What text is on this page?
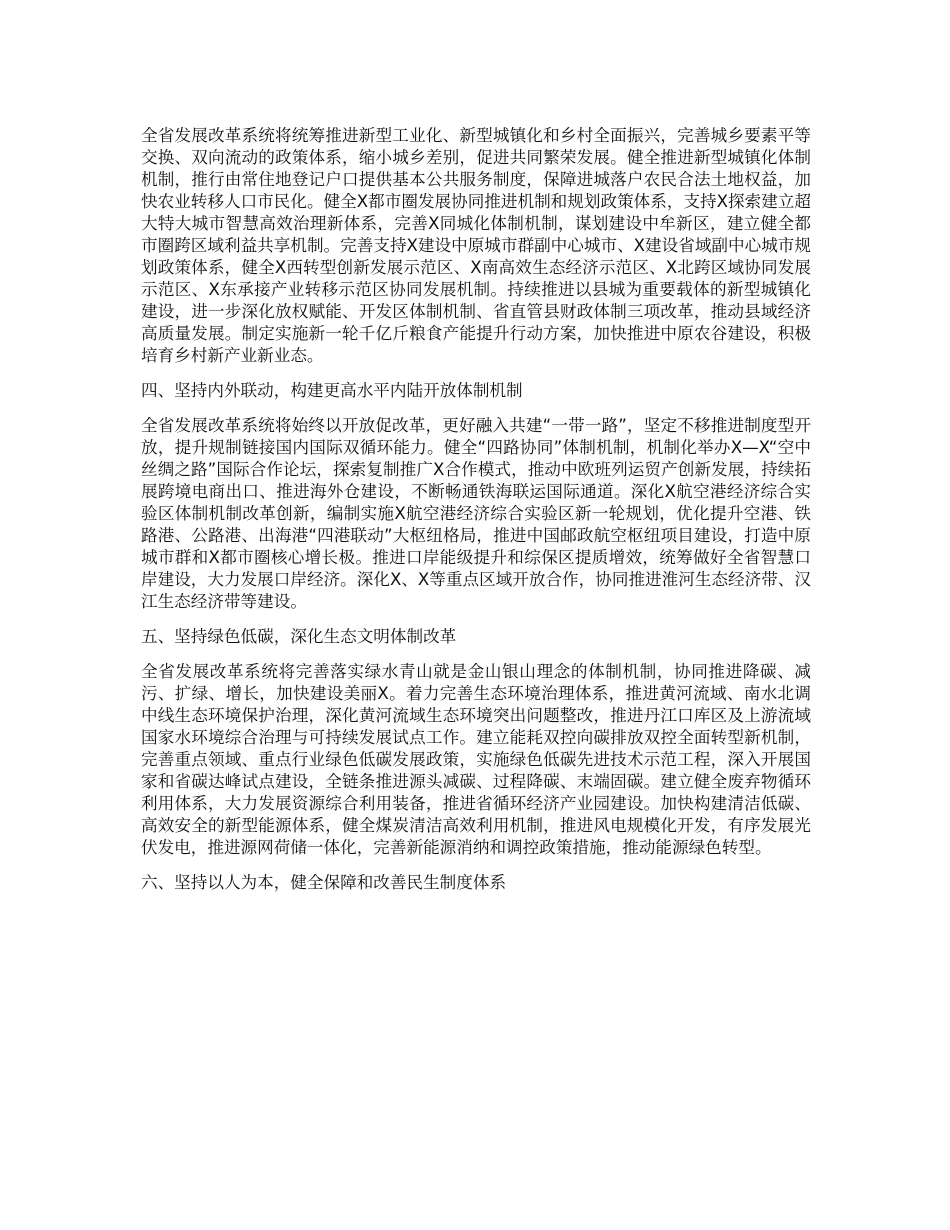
全省发展改革系统将统筹推进新型工业化、新型城镇化和乡村全面振兴，完善城乡要素平等交换、双向流动的政策体系，缩小城乡差别，促进共同繁荣发展。健全推进新型城镇化体制机制，推行由常住地登记户口提供基本公共服务制度，保障进城落户农民合法土地权益，加快农业转移人口市民化。健全X都市圈发展协同推进机制和规划政策体系，支持X探索建立超大特大城市智慧高效治理新体系，完善X同城化体制机制，谋划建设中牟新区，建立健全都市圈跨区域利益共享机制。完善支持X建设中原城市群副中心城市、X建设省域副中心城市规划政策体系，健全X西转型创新发展示范区、X南高效生态经济示范区、X北跨区域协同发展示范区、X东承接产业转移示范区协同发展机制。持续推进以县城为重要载体的新型城镇化建设，进一步深化放权赋能、开发区体制机制、省直管县财政体制三项改革，推动县域经济高质量发展。制定实施新一轮千亿斤粮食产能提升行动方案，加快推进中原农谷建设，积极培育乡村新产业新业态。

四、坚持内外联动，构建更高水平内陆开放体制机制

全省发展改革系统将始终以开放促改革，更好融入共建“一带一路”，坚定不移推进制度型开放，提升规制链接国内国际双循环能力。健全“四路协同”体制机制，机制化举办X—X“空中丝绸之路”国际合作论坛，探索复制推广X合作模式，推动中欧班列运贸产创新发展，持续拓展跨境电商出口、推进海外仓建设，不断畅通铁海联运国际通道。深化X航空港经济综合实验区体制机制改革创新，编制实施X航空港经济综合实验区新一轮规划，优化提升空港、铁路港、公路港、出海港“四港联动”大枢纽格局，推进中国邮政航空枢纽项目建设，打造中原城市群和X都市圈核心增长极。推进口岸能级提升和综保区提质增效，统筹做好全省智慧口岸建设，大力发展口岸经济。深化X、X等重点区域开放合作，协同推进淮河生态经济带、汉江生态经济带等建设。

五、坚持绿色低碳，深化生态文明体制改革

全省发展改革系统将完善落实绿水青山就是金山银山理念的体制机制，协同推进降碳、减污、扩绿、增长，加快建设美丽X。着力完善生态环境治理体系，推进黄河流域、南水北调中线生态环境保护治理，深化黄河流域生态环境突出问题整改，推进丹江口库区及上游流域国家水环境综合治理与可持续发展试点工作。建立能耗双控向碳排放双控全面转型新机制，完善重点领域、重点行业绿色低碳发展政策，实施绿色低碳先进技术示范工程，深入开展国家和省碳达峰试点建设，全链条推进源头减碳、过程降碳、末端固碳。建立健全废弃物循环利用体系，大力发展资源综合利用装备，推进省循环经济产业园建设。加快构建清洁低碳、高效安全的新型能源体系，健全煤炭清洁高效利用机制，推进风电规模化开发，有序发展光伏发电，推进源网荷储一体化，完善新能源消纳和调控政策措施，推动能源绿色转型。

六、坚持以人为本，健全保障和改善民生制度体系
